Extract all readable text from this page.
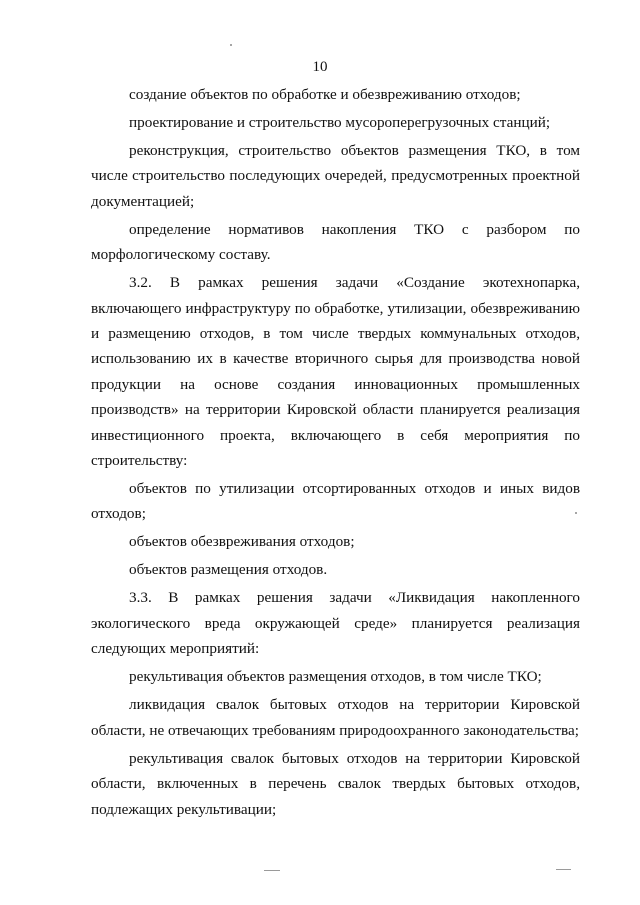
10

создание объектов по обработке и обезвреживанию отходов;

проектирование и строительство мусороперегрузочных станций;

реконструкция, строительство объектов размещения ТКО, в том числе строительство последующих очередей, предусмотренных проектной документацией;

определение нормативов накопления ТКО с разбором по морфологическому составу.

3.2. В рамках решения задачи «Создание экотехнопарка, включающего инфраструктуру по обработке, утилизации, обезвреживанию и размещению отходов, в том числе твердых коммунальных отходов, использованию их в качестве вторичного сырья для производства новой продукции на основе создания инновационных промышленных производств» на территории Кировской области планируется реализация инвестиционного проекта, включающего в себя мероприятия по строительству:

объектов по утилизации отсортированных отходов и иных видов отходов;

объектов обезвреживания отходов;

объектов размещения отходов.

3.3. В рамках решения задачи «Ликвидация накопленного экологического вреда окружающей среде» планируется реализация следующих мероприятий:

рекультивация объектов размещения отходов, в том числе ТКО;

ликвидация свалок бытовых отходов на территории Кировской области, не отвечающих требованиям природоохранного законодательства;

рекультивация свалок бытовых отходов на территории Кировской области, включенных в перечень свалок твердых бытовых отходов, подлежащих рекультивации;
